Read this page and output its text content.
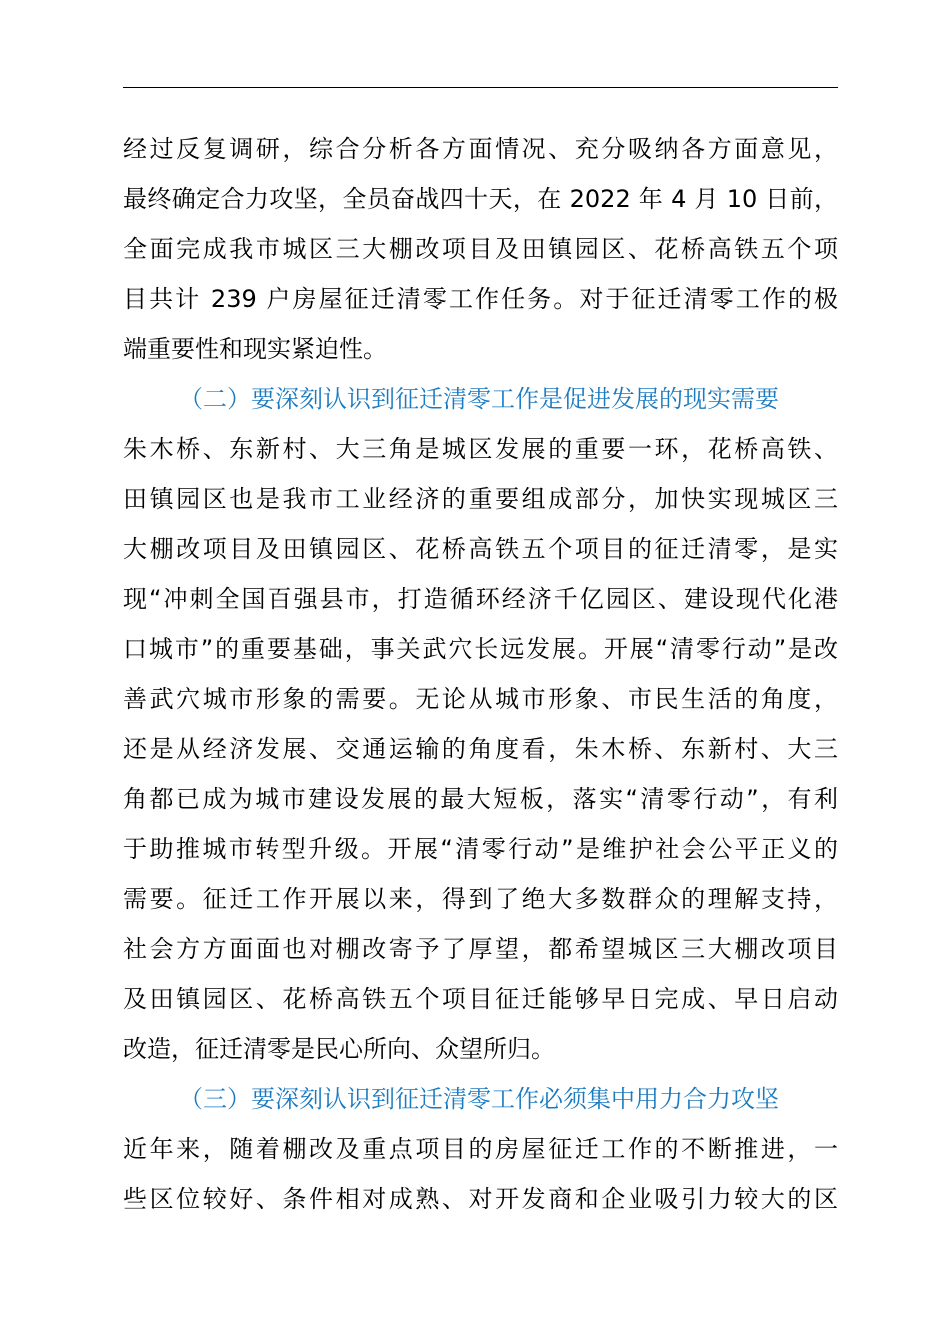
经过反复调研，综合分析各方面情况、充分吸纳各方面意见，
最终确定合力攻坚，全员奋战四十天，在 2022 年 4 月 10 日前，
全面完成我市城区三大棚改项目及田镇园区、花桥高铁五个项
目共计 239 户房屋征迁清零工作任务。对于征迁清零工作的极
端重要性和现实紧迫性。
（二）要深刻认识到征迁清零工作是促进发展的现实需要
朱木桥、东新村、大三角是城区发展的重要一环，花桥高铁、
田镇园区也是我市工业经济的重要组成部分，加快实现城区三
大棚改项目及田镇园区、花桥高铁五个项目的征迁清零，是实
现“冲刺全国百强县市，打造循环经济千亿园区、建设现代化港
口城市”的重要基础，事关武穴长远发展。开展“清零行动”是改
善武穴城市形象的需要。无论从城市形象、市民生活的角度，
还是从经济发展、交通运输的角度看，朱木桥、东新村、大三
角都已成为城市建设发展的最大短板，落实“清零行动”，有利
于助推城市转型升级。开展“清零行动”是维护社会公平正义的
需要。征迁工作开展以来，得到了绝大多数群众的理解支持，
社会方方面面也对棚改寄予了厚望，都希望城区三大棚改项目
及田镇园区、花桥高铁五个项目征迁能够早日完成、早日启动
改造，征迁清零是民心所向、众望所归。
（三）要深刻认识到征迁清零工作必须集中用力合力攻坚
近年来，随着棚改及重点项目的房屋征迁工作的不断推进，一
些区位较好、条件相对成熟、对开发商和企业吸引力较大的区
